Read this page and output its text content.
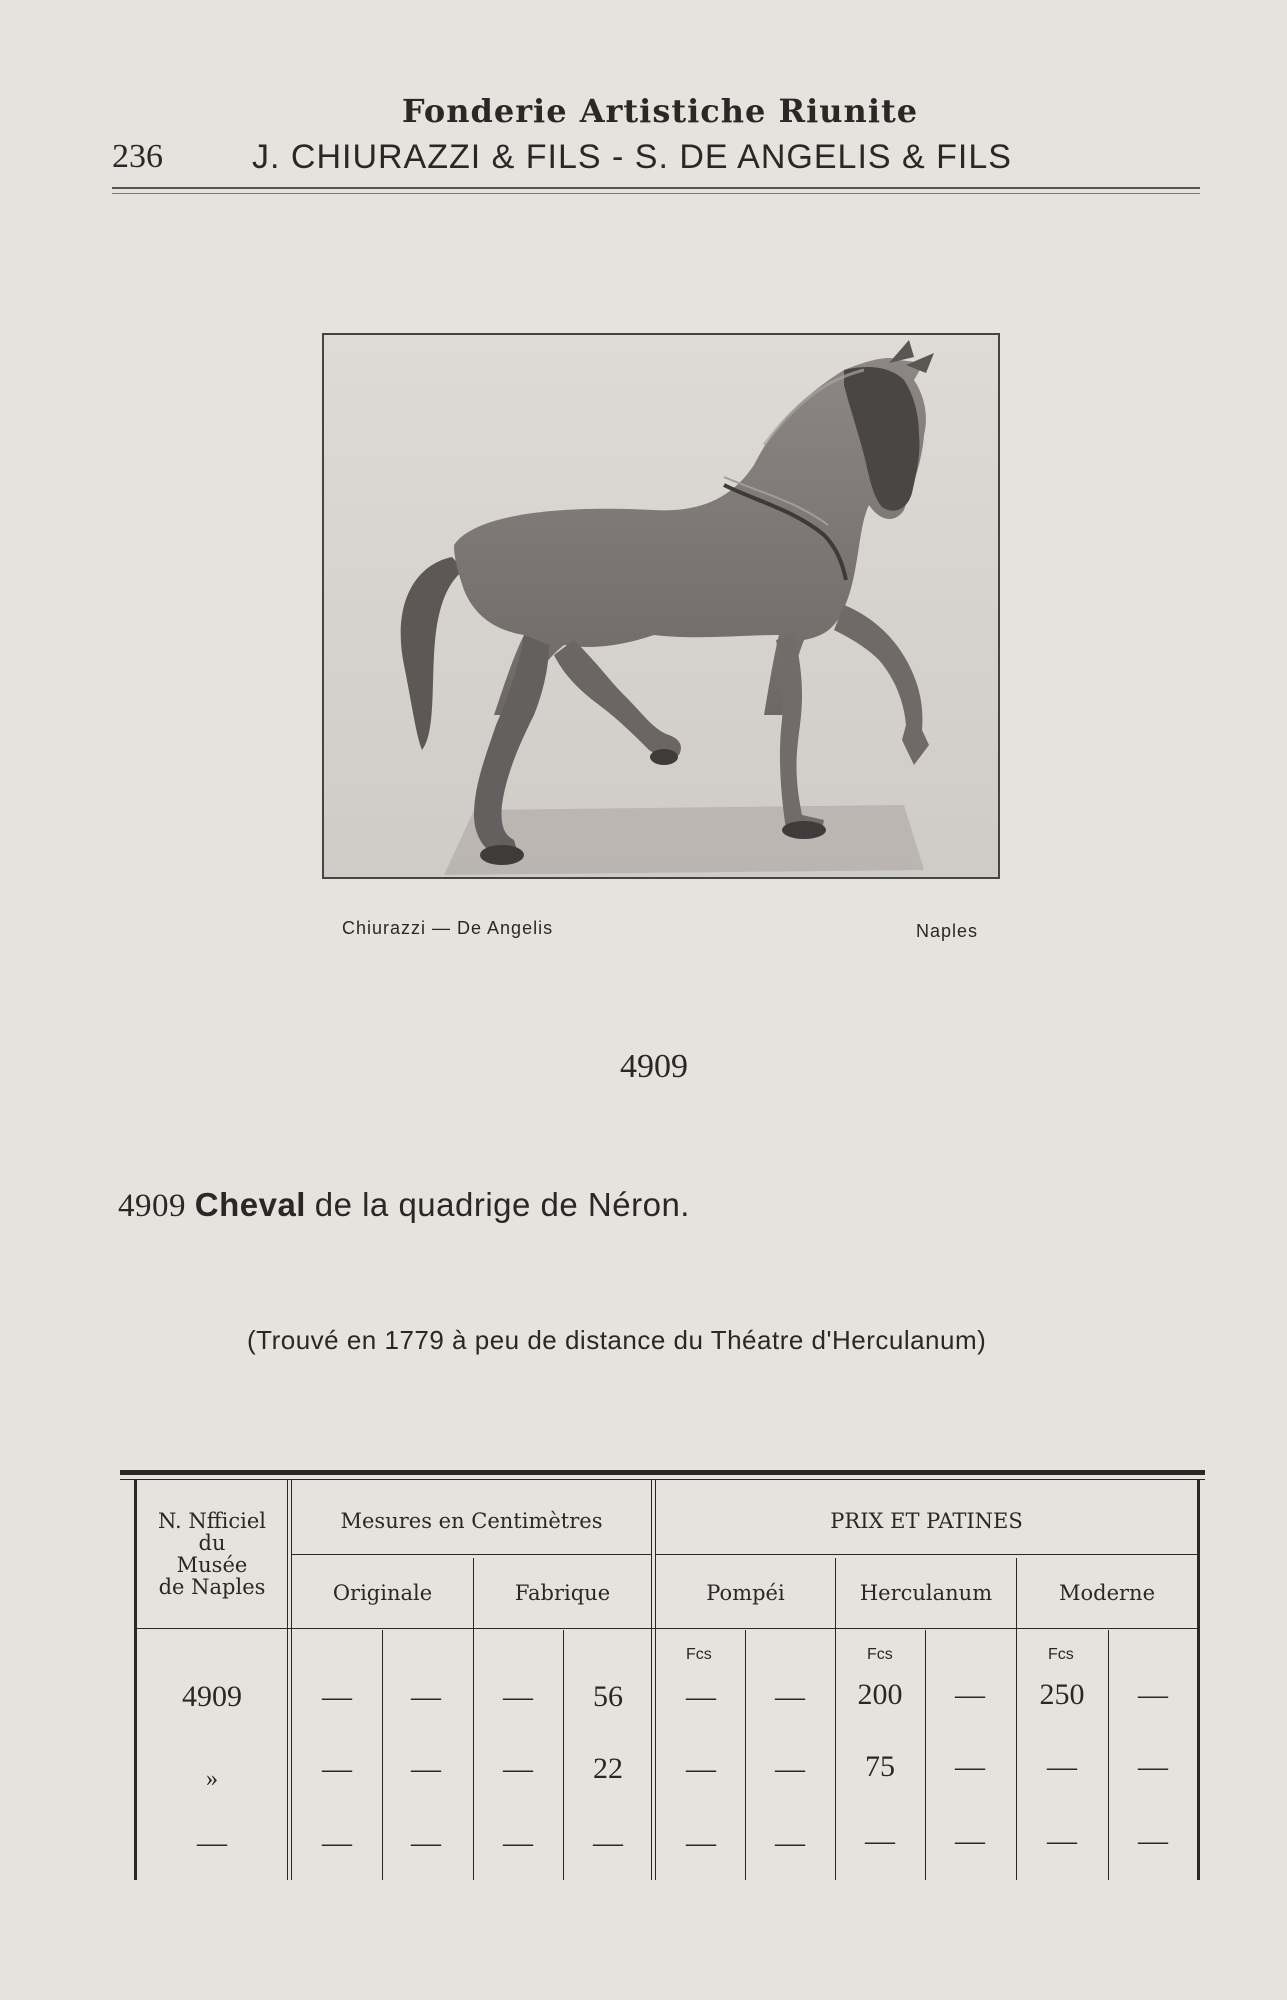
Fonderie Artistiche Riunite
236	J. CHIURAZZI & FILS - S. DE ANGELIS & FILS
Chiurazzi — De Angelis	Naples
4909
4909 Cheval de la quadrige de Néron.
(Trouvé en 1779 à peu de distance du Théatre d'Herculanum)
N. Nfficiel
du
Musée
de Naples
Mesures en Centimètres
Originale	Fabrique
PRIX ET PATINES
Pompéi	Herculanum	Moderne
Fcs	Fcs	Fcs
4909	—	—	—	56	—	—	200	—	250	—
»	—	—	—	22	—	—	75	—	—	—
—	—	—	—	—	—	—	—	—	—	—
